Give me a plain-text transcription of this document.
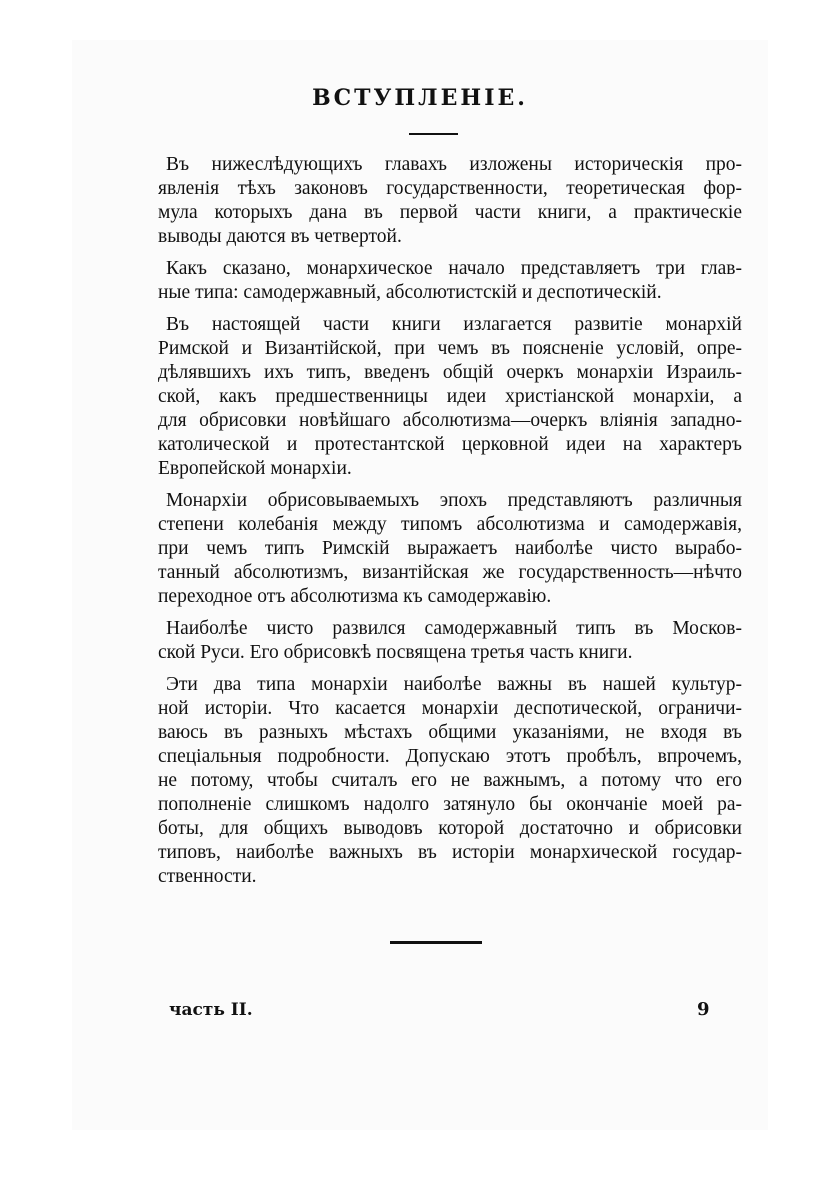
ВСТУПЛЕНІЕ.
Въ нижеслѣдующихъ главахъ изложены историческія про-
явленія тѣхъ законовъ государственности, теоретическая фор-
мула которыхъ дана въ первой части книги, а практическіе
выводы даются въ четвертой.
Какъ сказано, монархическое начало представляетъ три глав-
ные типа: самодержавный, абсолютистскій и деспотическій.
Въ настоящей части книги излагается развитіе монархій
Римской и Византійской, при чемъ въ поясненіе условій, опре-
дѣлявшихъ ихъ типъ, введенъ общій очеркъ монархіи Израиль-
ской, какъ предшественницы идеи христіанской монархіи, а
для обрисовки новѣйшаго абсолютизма—очеркъ вліянія западно-
католической и протестантской церковной идеи на характеръ
Европейской монархіи.
Монархіи обрисовываемыхъ эпохъ представляютъ различныя
степени колебанія между типомъ абсолютизма и самодержавія,
при чемъ типъ Римскій выражаетъ наиболѣе чисто вырабо-
танный абсолютизмъ, византійская же государственность—нѣчто
переходное отъ абсолютизма къ самодержавію.
Наиболѣе чисто развился самодержавный типъ въ Москов-
ской Руси. Его обрисовкѣ посвящена третья часть книги.
Эти два типа монархіи наиболѣе важны въ нашей культур-
ной исторіи. Что касается монархіи деспотической, ограничи-
ваюсь въ разныхъ мѣстахъ общими указаніями, не входя въ
спеціальныя подробности. Допускаю этотъ пробѣлъ, впрочемъ,
не потому, чтобы считалъ его не важнымъ, а потому что его
пополненіе слишкомъ надолго затянуло бы окончаніе моей ра-
боты, для общихъ выводовъ которой достаточно и обрисовки
типовъ, наиболѣе важныхъ въ исторіи монархической государ-
ственности.
часть II.	9
